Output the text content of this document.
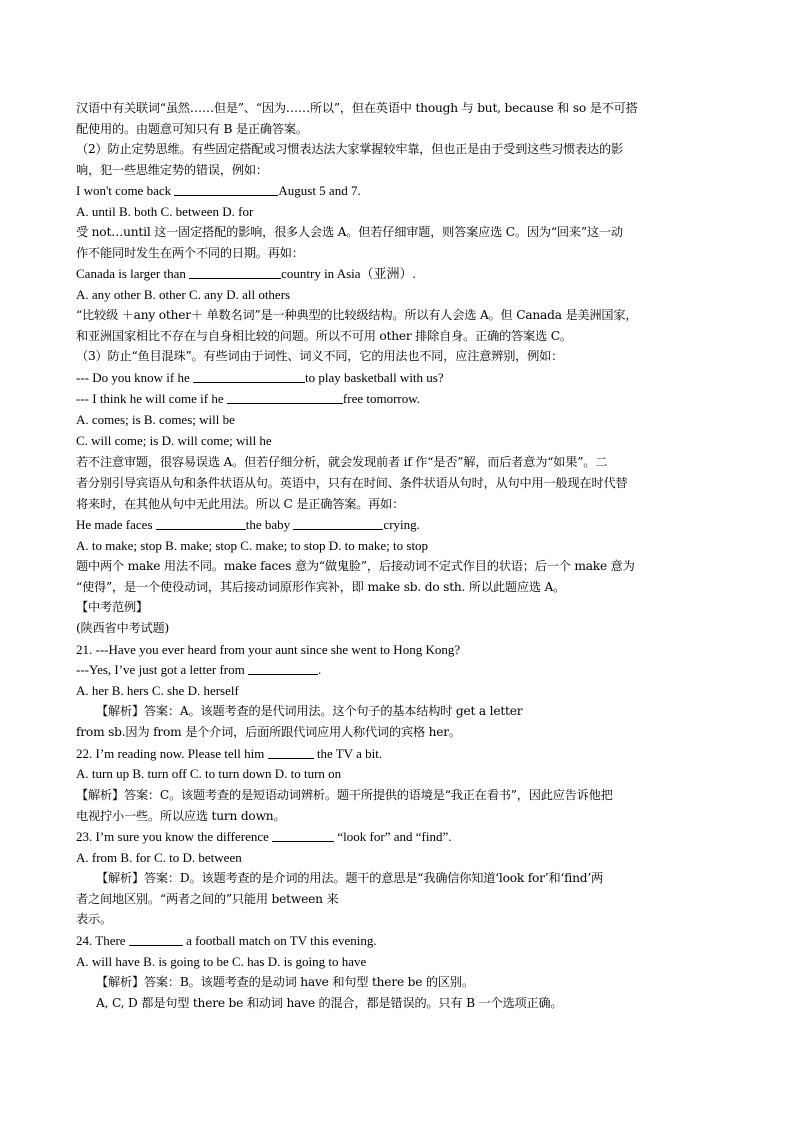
汉语中有关联词“虽然……但是”、“因为……所以”，但在英语中 though 与 but, because 和 so 是不可搭
配使用的。由题意可知只有 B 是正确答案。
（2）防止定势思维。有些固定搭配或习惯表达法大家掌握较牢靠，但也正是由于受到这些习惯表达的影
响，犯一些思维定势的错误，例如：
I won't come back	August 5 and 7.
A. until B. both C. between D. for
受 not…until 这一固定搭配的影响，很多人会选 A。但若仔细审题，则答案应选 C。因为“回来”这一动
作不能同时发生在两个不同的日期。再如：
Canada is larger than	country in Asia（亚洲）.
A. any other B. other C. any D. all others
“比较级 ＋any other＋ 单数名词”是一种典型的比较级结构。所以有人会选 A。但 Canada 是美洲国家，
和亚洲国家相比不存在与自身相比较的问题。所以不可用 other 排除自身。正确的答案选 C。
（3）防止“鱼目混珠”。有些词由于词性、词义不同，它的用法也不同，应注意辨别，例如：
--- Do you know if he	to play basketball with us?
--- I think he will come if he	free tomorrow.
A. comes; is B. comes; will be
C. will come; is D. will come; will he
若不注意审题，很容易误选 A。但若仔细分析，就会发现前者 if 作“是否”解，而后者意为“如果”。二
者分别引导宾语从句和条件状语从句。英语中，只有在时间、条件状语从句时，从句中用一般现在时代替
将来时，在其他从句中无此用法。所以 C 是正确答案。再如：
He made faces	the baby	crying.
A. to make; stop B. make; stop C. make; to stop D. to make; to stop
题中两个 make 用法不同。make faces 意为“做鬼脸”，后接动词不定式作目的状语；后一个 make 意为
“使得”，是一个使役动词，其后接动词原形作宾补，即 make sb. do sth. 所以此题应选 A。
【中考范例】
(陕西省中考试题)
21. ---Have you ever heard from your aunt since she went to Hong Kong?
---Yes, I’ve just got a letter from	.
A. her B. hers C. she D. herself
【解析】答案：A。该题考查的是代词用法。这个句子的基本结构时 get a letter
from sb.因为 from 是个介词，后面所跟代词应用人称代词的宾格 her。
22. I’m reading now. Please tell him	the TV a bit.
A. turn up B. turn off C. to turn down D. to turn on
【解析】答案：C。该题考查的是短语动词辨析。题干所提供的语境是“我正在看书”，因此应告诉他把
电视拧小一些。所以应选 turn down。
23. I’m sure you know the difference	“look for” and “find”.
A. from B. for C. to D. between
【解析】答案：D。该题考查的是介词的用法。题干的意思是“我确信你知道‘look for’和‘find’两
者之间地区别。“两者之间的”只能用 between 来
表示。
24. There	a football match on TV this evening.
A. will have B. is going to be C. has D. is going to have
【解析】答案：B。该题考查的是动词 have 和句型 there be 的区别。
A, C, D 都是句型 there be 和动词 have 的混合，都是错误的。只有 B 一个选项正确。
